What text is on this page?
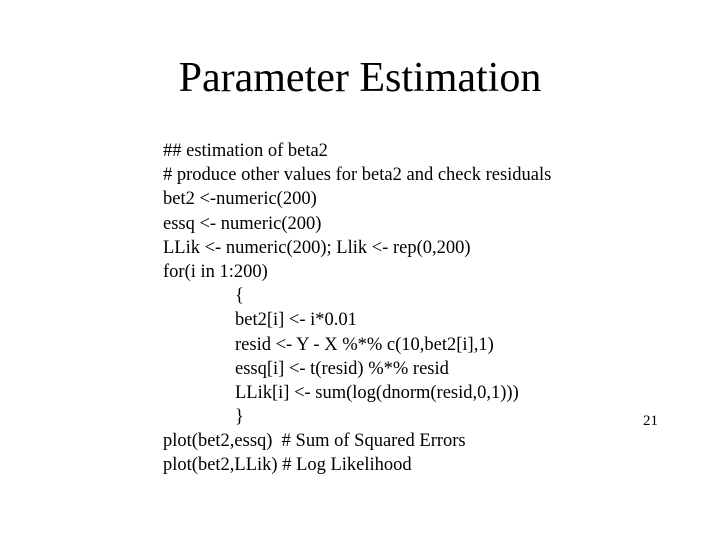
Parameter Estimation
## estimation of beta2
# produce other values for beta2 and check residuals
bet2 <-numeric(200)
essq <- numeric(200)
LLik <- numeric(200); Llik <- rep(0,200)
for(i in 1:200)
{
bet2[i] <- i*0.01
resid <- Y - X %*% c(10,bet2[i],1)
essq[i] <- t(resid) %*% resid
LLik[i] <- sum(log(dnorm(resid,0,1)))
}
plot(bet2,essq)  # Sum of Squared Errors
plot(bet2,LLik) # Log Likelihood
21
